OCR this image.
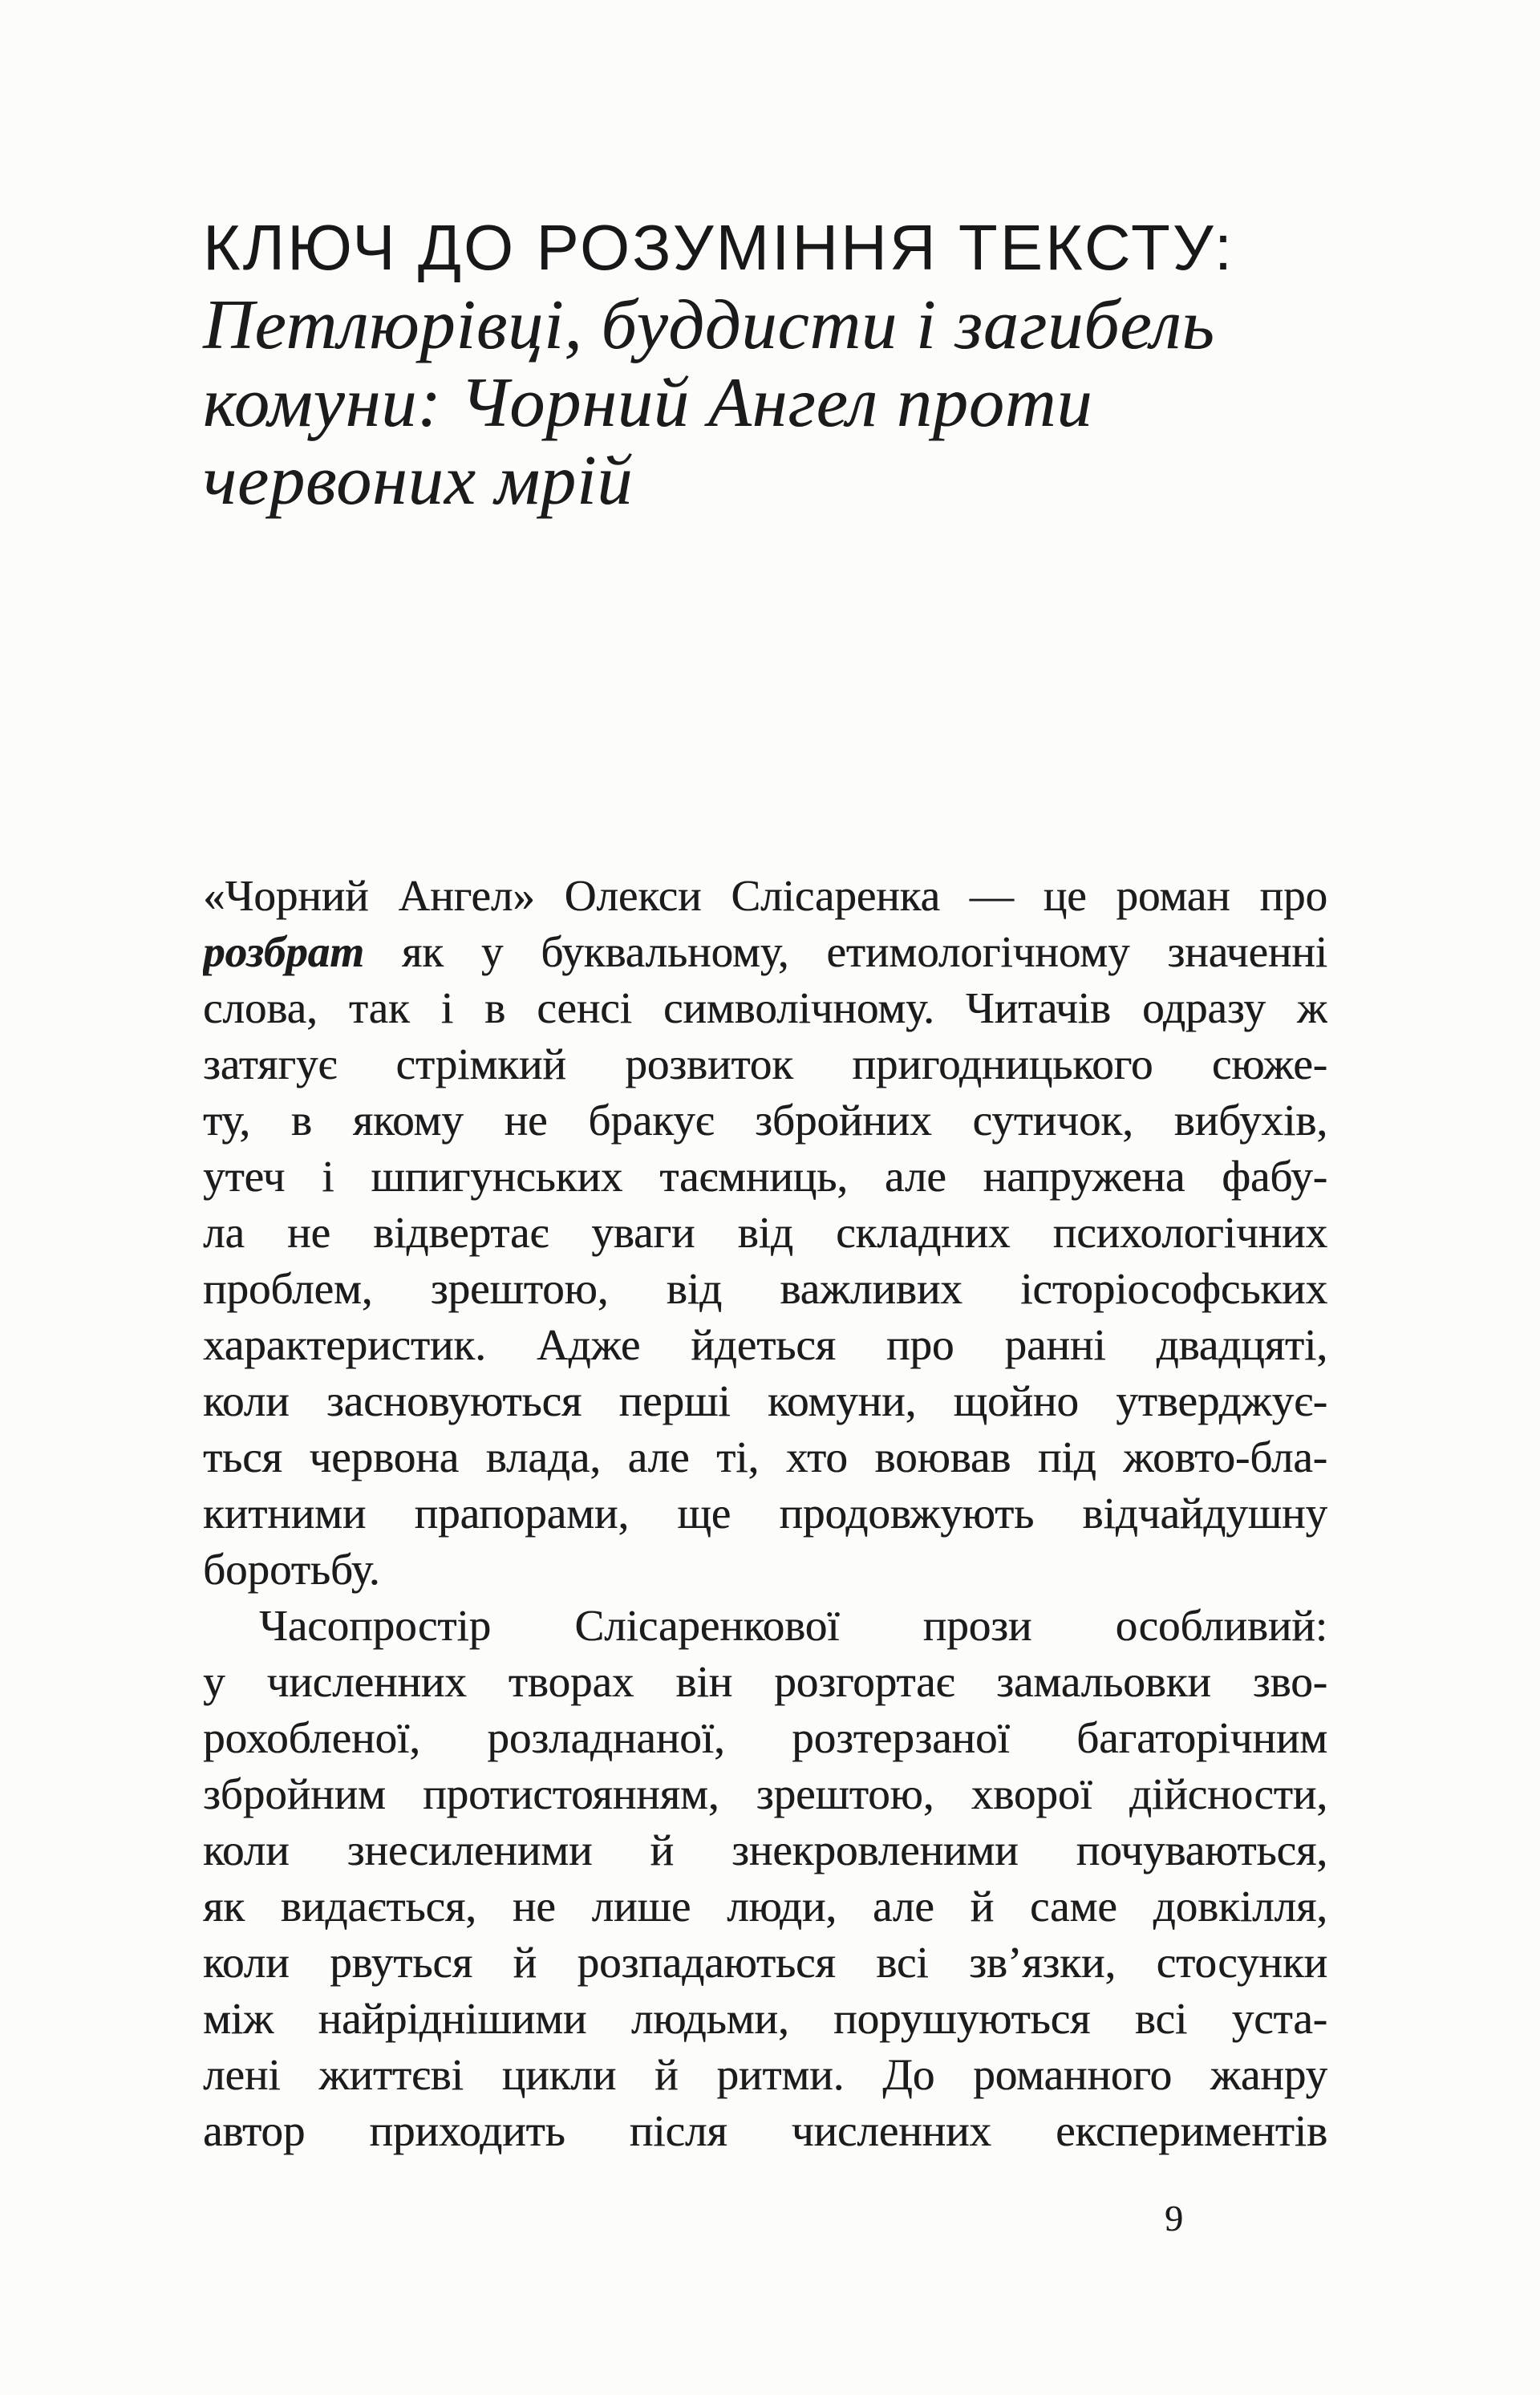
КЛЮЧ ДО РОЗУМІННЯ ТЕКСТУ:
Петлюрівці, буддисти і загибель
комуни: Чорний Ангел проти
червоних мрій
«Чорний Ангел» Олекси Слісаренка — це роман про
розбрат як у буквальному, етимологічному значенні
слова, так і в сенсі символічному. Читачів одразу ж
затягує стрімкий розвиток пригодницького сюже-
ту, в якому не бракує збройних сутичок, вибухів,
утеч і шпигунських таємниць, але напружена фабу-
ла не відвертає уваги від складних психологічних
проблем, зрештою, від важливих історіософських
характеристик. Адже йдеться про ранні двадцяті,
коли засновуються перші комуни, щойно утверджує-
ться червона влада, але ті, хто воював під жовто-бла-
китними прапорами, ще продовжують відчайдушну
боротьбу.
Часопростір Слісаренкової прози особливий:
у численних творах він розгортає замальовки зво-
рохобленої, розладнаної, розтерзаної багаторічним
збройним протистоянням, зрештою, хворої дійсности,
коли знесиленими й знекровленими почуваються,
як видається, не лише люди, але й саме довкілля,
коли рвуться й розпадаються всі зв’язки, стосунки
між найріднішими людьми, порушуються всі уста-
лені життєві цикли й ритми. До романного жанру
автор приходить після численних експериментів
9
